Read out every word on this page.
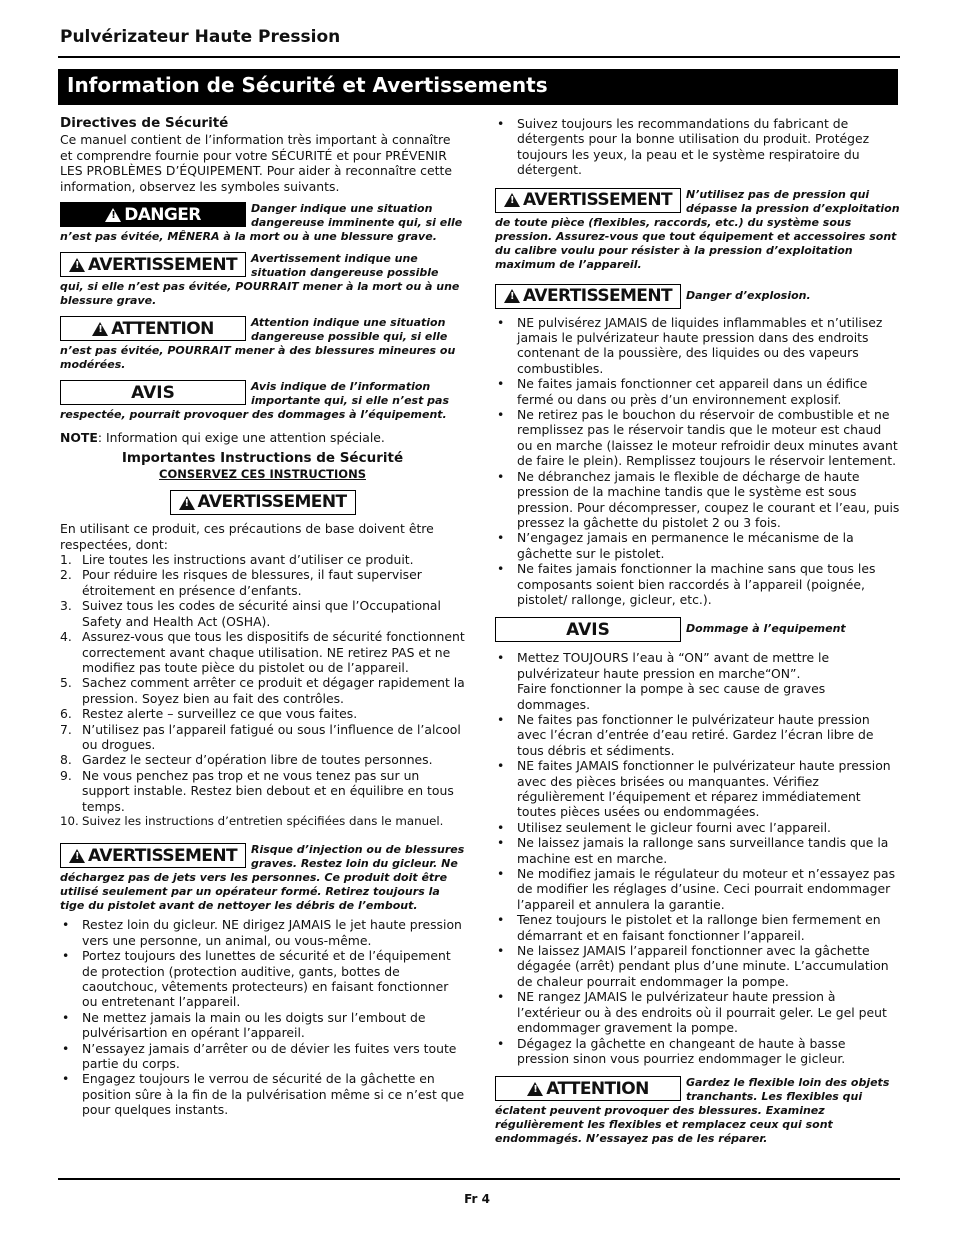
Pulvérizateur Haute Pression
Information de Sécurité et Avertissements
Directives de Sécurité

Ce manuel contient de l’information très important à connaître et comprendre fournie pour votre SÉCURITÉ et pour PRÉVENIR LES PROBLÈMES D’ÉQUIPEMENT. Pour aider à reconnaître cette information, observez les symboles suivants.

!
DANGER	Danger indique une situation dangereuse imminente qui, si elle n’est pas évitée, MÊNERA à la mort ou à une blessure grave.
!
AVERTISSEMENT Avertissement indique une situation dangereuse possible qui, si elle n’est pas évitée, POURRAIT mener à la mort ou à une blessure grave.
!
ATTENTION	Attention indique une situation dangereuse possible qui, si elle n’est pas évitée, POURRAIT mener à des blessures mineures ou modérées.
AVIS	Avis indique de l’information importante qui, si elle n’est pas respectée, pourrait provoquer des dommages à l’équipement.

NOTE: Information qui exige une attention spéciale.

Importantes Instructions de Sécurité
CONSERVEZ CES INSTRUCTIONS
!
AVERTISSEMENT

En utilisant ce produit, ces précautions de base doivent être respectées, dont:

1. Lire toutes les instructions avant d’utiliser ce produit.
2. Pour réduire les risques de blessures, il faut superviser étroitement en présence d’enfants.
3. Suivez tous les codes de sécurité ainsi que l’Occupational Safety and Health Act (OSHA).
4. Assurez-vous que tous les dispositifs de sécurité fonctionnent correctement avant chaque utilisation. NE retirez PAS et ne modifiez pas toute pièce du pistolet ou de l’appareil.
5. Sachez comment arrêter ce produit et dégager rapidement la pression. Soyez bien au fait des contrôles.
6. Restez alerte – surveillez ce que vous faites.
7. N’utilisez pas l’appareil fatigué ou sous l’influence de l’alcool ou drogues.
8. Gardez le secteur d’opération libre de toutes personnes.
9. Ne vous penchez pas trop et ne vous tenez pas sur un support instable. Restez bien debout et en équilibre en tous temps.
10. Suivez les instructions d’entretien spécifiées dans le manuel.
!
AVERTISSEMENT Risque d’injection ou de blessures graves. Restez loin du gicleur. Ne déchargez pas de jets vers les personnes. Ce produit doit être utilisé seulement par un opérateur formé. Retirez toujours la tige du pistolet avant de nettoyer les débris de l’embout.
• Restez loin du gicleur. NE dirigez JAMAIS le jet haute pression vers une personne, un animal, ou vous-même.
• Portez toujours des lunettes de sécurité et de l’équipement de protection (protection auditive, gants, bottes de caoutchouc, vêtements protecteurs) en faisant fonctionner ou entretenant l’appareil.
• Ne mettez jamais la main ou les doigts sur l’embout de pulvérisartion en opérant l’appareil.
• N’essayez jamais d’arrêter ou de dévier les fuites vers toute partie du corps.
• Engagez toujours le verrou de sécurité de la gâchette en position sûre à la fin de la pulvérisation même si ce n’est que pour quelques instants.
• Suivez toujours les recommandations du fabricant de détergents pour la bonne utilisation du produit. Protégez toujours les yeux, la peau et le système respiratoire du détergent.
!
AVERTISSEMENT N’utilisez pas de pression qui dépasse la pression d’exploitation de toute pièce (flexibles, raccords, etc.) du système sous pression. Assurez-vous que tout équipement et accessoires sont du calibre voulu pour résister à la pression d’exploitation maximum de l’appareil.
!
AVERTISSEMENT Danger d’explosion.
• NE pulvisérez JAMAIS de liquides inflammables et n’utilisez jamais le pulvérizateur haute pression dans des endroits contenant de la poussière, des liquides ou des vapeurs combustibles.
• Ne faites jamais fonctionner cet appareil dans un édifice fermé ou dans ou près d’un environnement explosif.
• Ne retirez pas le bouchon du réservoir de combustible et ne remplissez pas le réservoir tandis que le moteur est chaud ou en marche (laissez le moteur refroidir deux minutes avant de faire le plein). Remplissez toujours le réservoir lentement.
• Ne débranchez jamais le flexible de décharge de haute pression de la machine tandis que le système est sous pression. Pour décompresser, coupez le courant et l’eau, puis pressez la gâchette du pistolet 2 ou 3 fois.
• N’engagez jamais en permanence le mécanisme de la gâchette sur le pistolet.
• Ne faites jamais fonctionner la machine sans que tous les composants soient bien raccordés à l’appareil (poignée, pistolet/ rallonge, gicleur, etc.).
AVIS	Dommage à l’equipement
• Mettez TOUJOURS l’eau à “ON” avant de mettre le pulvérizateur haute pression en marche“ON”.
Faire fonctionner la pompe à sec cause de graves dommages.
• Ne faites pas fonctionner le pulvérizateur haute pression avec l’écran d’entrée d’eau retiré. Gardez l’écran libre de tous débris et sédiments.
• NE faites JAMAIS fonctionner le pulvérizateur haute pression avec des pièces brisées ou manquantes. Vérifiez régulièrement l’équipement et réparez immédiatement toutes pièces usées ou endommagées.
• Utilisez seulement le gicleur fourni avec l’appareil.
• Ne laissez jamais la rallonge sans surveillance tandis que la machine est en marche.
• Ne modifiez jamais le régulateur du moteur et n’essayez pas de modifier les réglages d’usine. Ceci pourrait endommager l’appareil et annulera la garantie.
• Tenez toujours le pistolet et la rallonge bien fermement en démarrant et en faisant fonctionner l’appareil.
• Ne laissez JAMAIS l’appareil fonctionner avec la gâchette dégagée (arrêt) pendant plus d’une minute. L’accumulation de chaleur pourrait endommager la pompe.
• NE rangez JAMAIS le pulvérizateur haute pression à l’extérieur ou à des endroits où il pourrait geler. Le gel peut endommager gravement la pompe.
• Dégagez la gâchette en changeant de haute à basse pression sinon vous pourriez endommager le gicleur.
!
ATTENTION	Gardez le flexible loin des objets tranchants. Les flexibles qui éclatent peuvent provoquer des blessures. Examinez régulièrement les flexibles et remplacez ceux qui sont endommagés. N’essayez pas de les réparer.
Fr 4
